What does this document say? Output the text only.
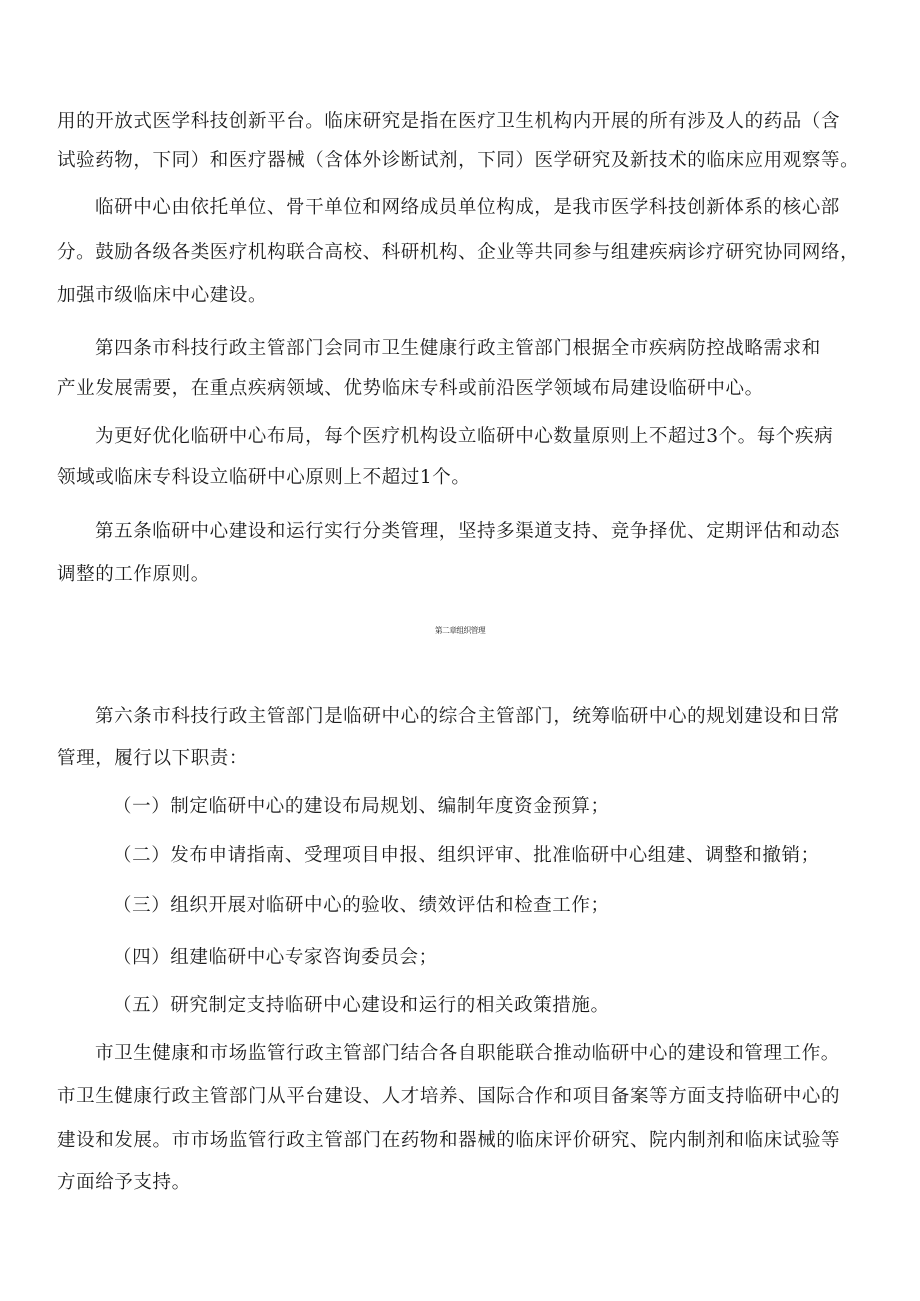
用的开放式医学科技创新平台。临床研究是指在医疗卫生机构内开展的所有涉及人的药品（含
试验药物，下同）和医疗器械（含体外诊断试剂，下同）医学研究及新技术的临床应用观察等。
临研中心由依托单位、骨干单位和网络成员单位构成，是我市医学科技创新体系的核心部
分。鼓励各级各类医疗机构联合高校、科研机构、企业等共同参与组建疾病诊疗研究协同网络，
加强市级临床中心建设。
第四条市科技行政主管部门会同市卫生健康行政主管部门根据全市疾病防控战略需求和
产业发展需要，在重点疾病领域、优势临床专科或前沿医学领域布局建设临研中心。
为更好优化临研中心布局，每个医疗机构设立临研中心数量原则上不超过3个。每个疾病
领域或临床专科设立临研中心原则上不超过1个。
第五条临研中心建设和运行实行分类管理，坚持多渠道支持、竞争择优、定期评估和动态
调整的工作原则。
第二章组织管理
第六条市科技行政主管部门是临研中心的综合主管部门，统筹临研中心的规划建设和日常
管理，履行以下职责：
（一）制定临研中心的建设布局规划、编制年度资金预算；
（二）发布申请指南、受理项目申报、组织评审、批准临研中心组建、调整和撤销；
（三）组织开展对临研中心的验收、绩效评估和检查工作；
（四）组建临研中心专家咨询委员会；
（五）研究制定支持临研中心建设和运行的相关政策措施。
市卫生健康和市场监管行政主管部门结合各自职能联合推动临研中心的建设和管理工作。
市卫生健康行政主管部门从平台建设、人才培养、国际合作和项目备案等方面支持临研中心的
建设和发展。市市场监管行政主管部门在药物和器械的临床评价研究、院内制剂和临床试验等
方面给予支持。
